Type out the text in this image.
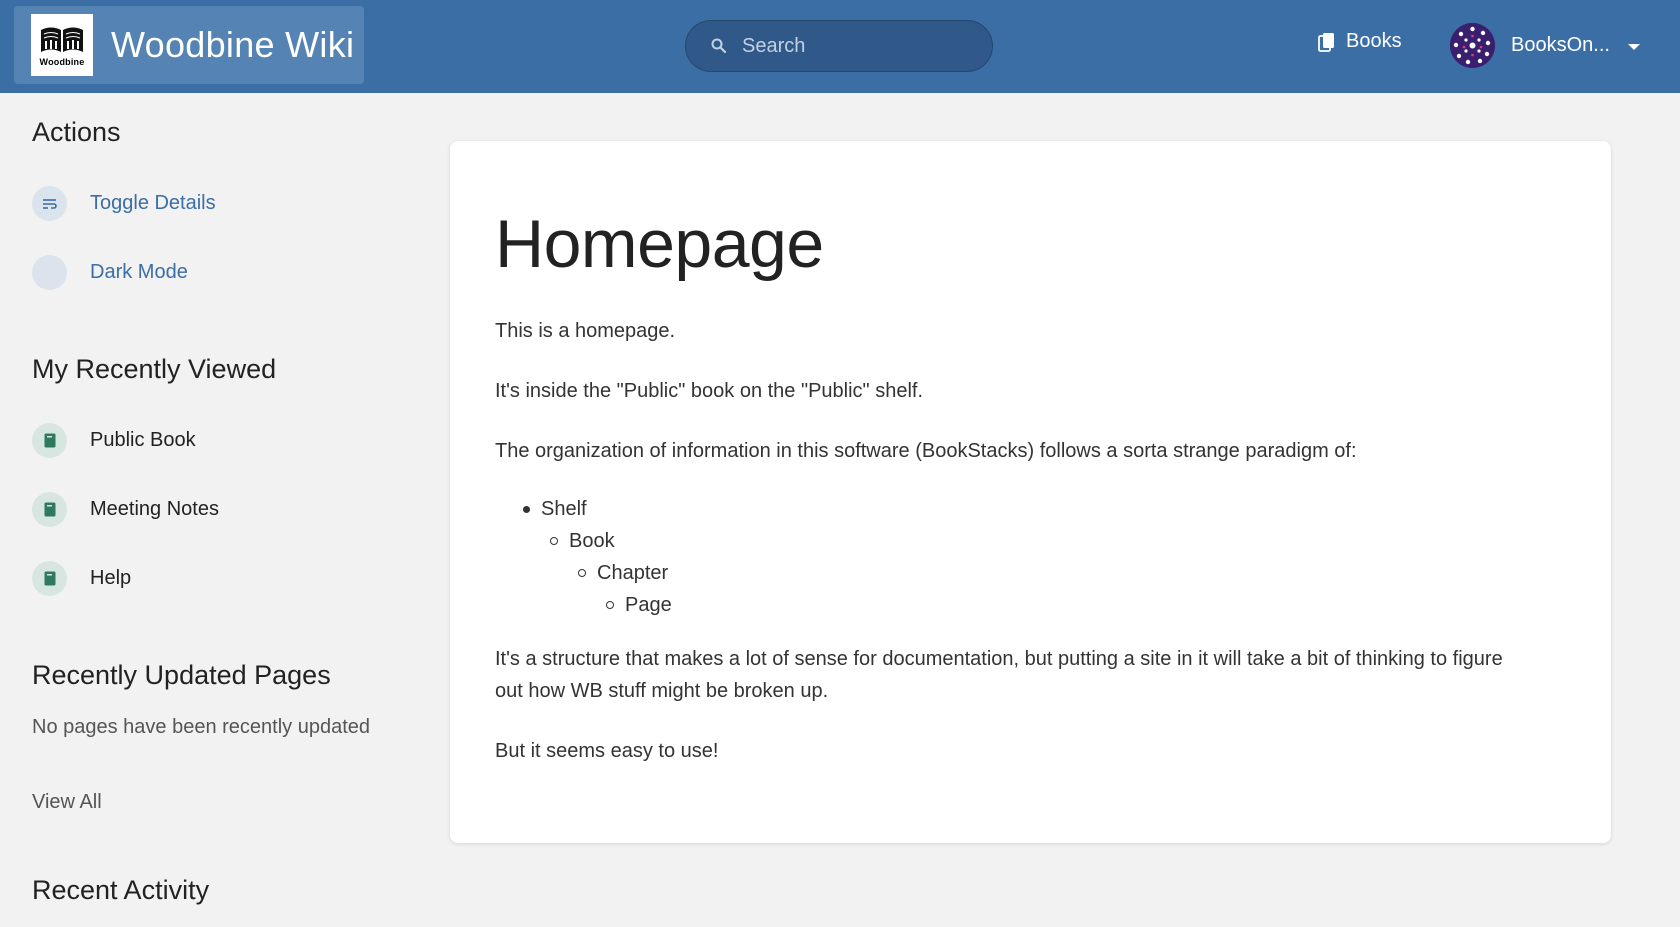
Woodbine Woodbine Wiki
Search	Books	BooksOn...
Actions
Toggle Details
Dark Mode
My Recently Viewed
Public Book
Meeting Notes
Help
Recently Updated Pages
No pages have been recently updated
View All
Recent Activity
Homepage

This is a homepage.

It's inside the "Public" book on the "Public" shelf.

The organization of information in this software (BookStacks) follows a sorta strange paradigm of:

Shelf
Book
Chapter
Page

It's a structure that makes a lot of sense for documentation, but putting a site in it will take a bit of thinking to figure out how WB stuff might be broken up.

But it seems easy to use!
